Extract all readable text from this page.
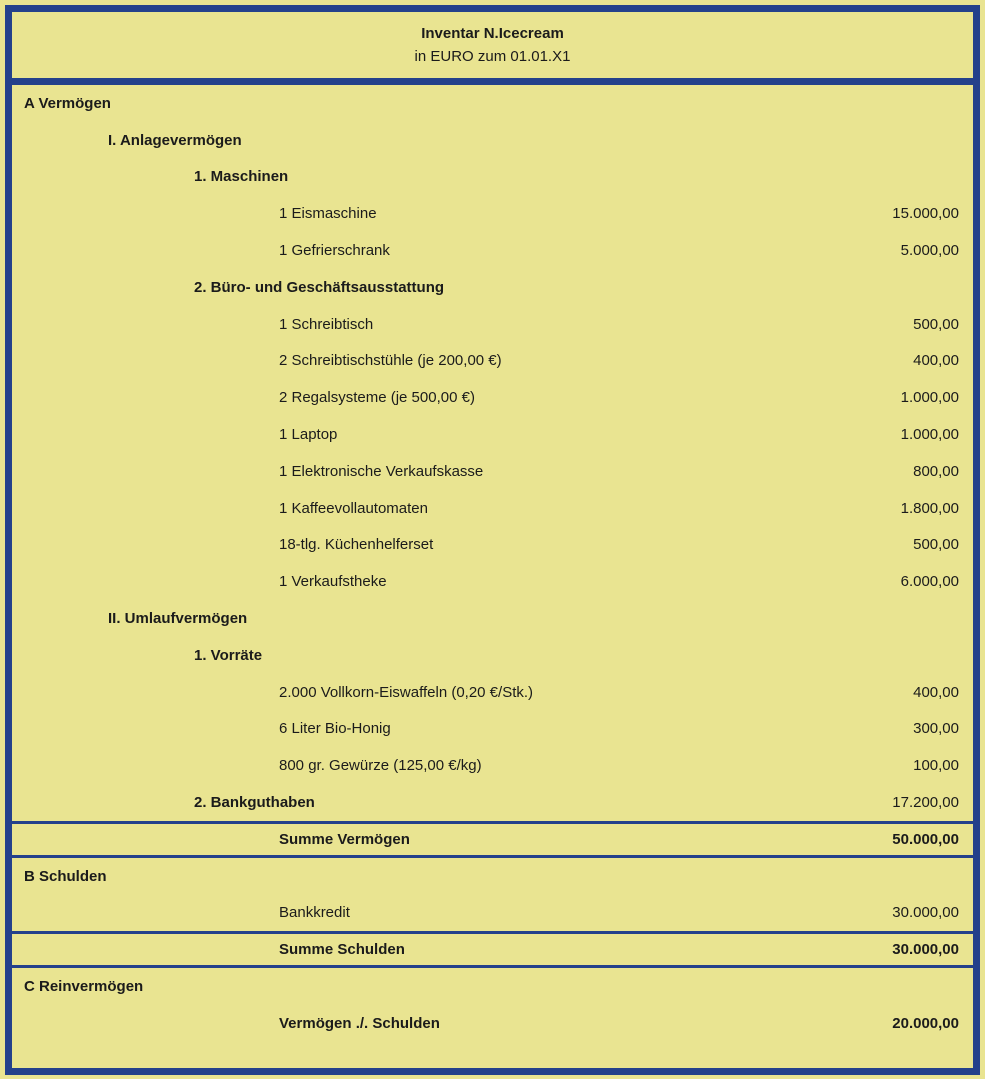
Inventar N.Icecream
in EURO zum 01.01.X1
A Vermögen
I. Anlagevermögen
1. Maschinen
1 Eismaschine	15.000,00
1 Gefrierschrank	5.000,00
2. Büro- und Geschäftsausstattung
1 Schreibtisch	500,00
2 Schreibtischstühle (je 200,00 €)	400,00
2 Regalsysteme (je 500,00 €)	1.000,00
1 Laptop	1.000,00
1 Elektronische Verkaufskasse	800,00
1 Kaffeevollautomaten	1.800,00
18-tlg. Küchenhelferset	500,00
1 Verkaufstheke	6.000,00
II. Umlaufvermögen
1. Vorräte
2.000 Vollkorn-Eiswaffeln (0,20 €/Stk.)	400,00
6 Liter Bio-Honig	300,00
800 gr. Gewürze (125,00 €/kg)	100,00
2. Bankguthaben	17.200,00
Summe Vermögen	50.000,00
B Schulden
Bankkredit	30.000,00
Summe Schulden	30.000,00
C Reinvermögen
Vermögen ./. Schulden	20.000,00
